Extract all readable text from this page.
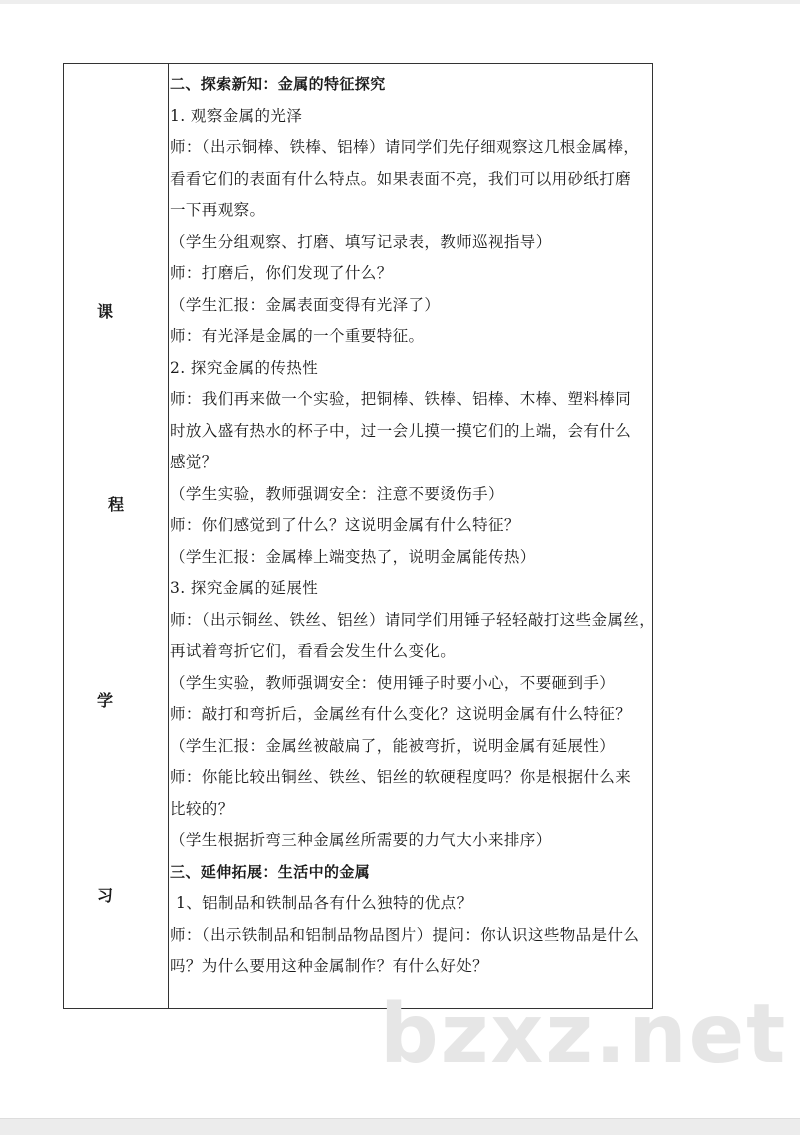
课
程
学
习
二、探索新知：金属的特征探究
1. 观察金属的光泽
师：（出示铜棒、铁棒、铝棒）请同学们先仔细观察这几根金属棒，
看看它们的表面有什么特点。如果表面不亮，我们可以用砂纸打磨
一下再观察。
（学生分组观察、打磨、填写记录表，教师巡视指导）
师：打磨后，你们发现了什么？
（学生汇报：金属表面变得有光泽了）
师：有光泽是金属的一个重要特征。
2. 探究金属的传热性
师：我们再来做一个实验，把铜棒、铁棒、铝棒、木棒、塑料棒同
时放入盛有热水的杯子中，过一会儿摸一摸它们的上端，会有什么
感觉？
（学生实验，教师强调安全：注意不要烫伤手）
师：你们感觉到了什么？这说明金属有什么特征？
（学生汇报：金属棒上端变热了，说明金属能传热）
3. 探究金属的延展性
师：（出示铜丝、铁丝、铝丝）请同学们用锤子轻轻敲打这些金属丝，
再试着弯折它们，看看会发生什么变化。
（学生实验，教师强调安全：使用锤子时要小心，不要砸到手）
师：敲打和弯折后，金属丝有什么变化？这说明金属有什么特征？
（学生汇报：金属丝被敲扁了，能被弯折，说明金属有延展性）
师：你能比较出铜丝、铁丝、铝丝的软硬程度吗？你是根据什么来
比较的？
（学生根据折弯三种金属丝所需要的力气大小来排序）
三、延伸拓展：生活中的金属
1、铝制品和铁制品各有什么独特的优点？
师：（出示铁制品和铝制品物品图片）提问：你认识这些物品是什么
吗？为什么要用这种金属制作？有什么好处？
bzxz.net
